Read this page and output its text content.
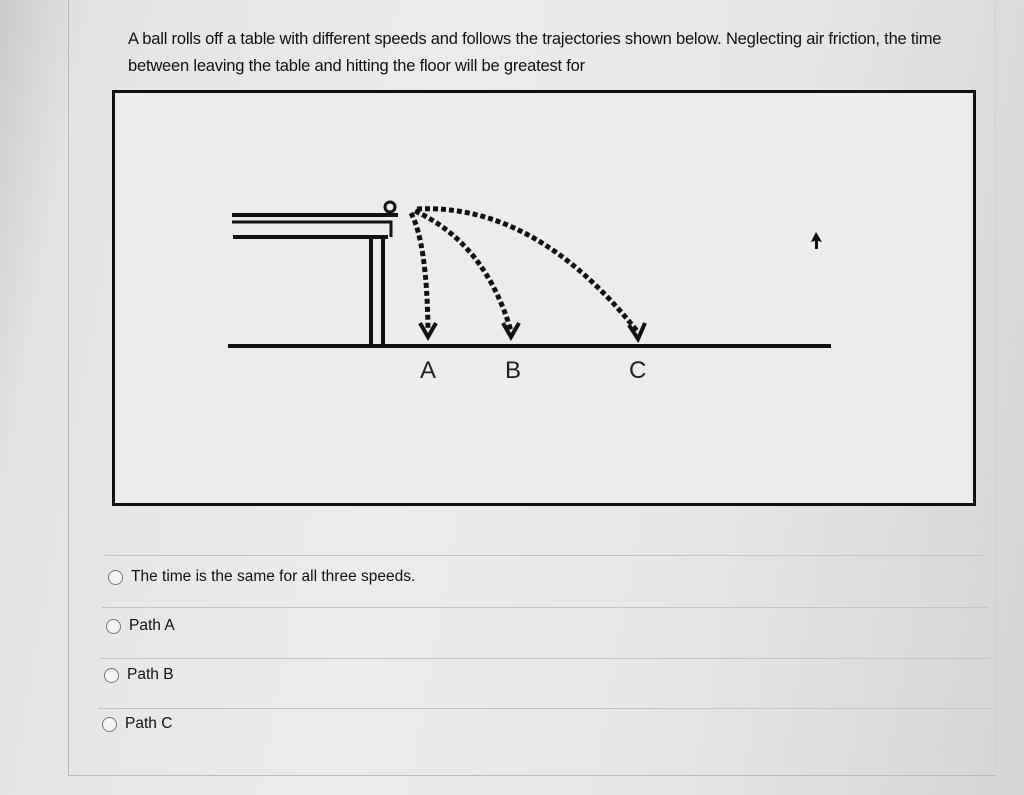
A ball rolls off a table with different speeds and follows the trajectories shown below. Neglecting air friction, the time between leaving the table and hitting the floor will be greatest for
A	B	C
The time is the same for all three speeds.
Path A
Path B
Path C
